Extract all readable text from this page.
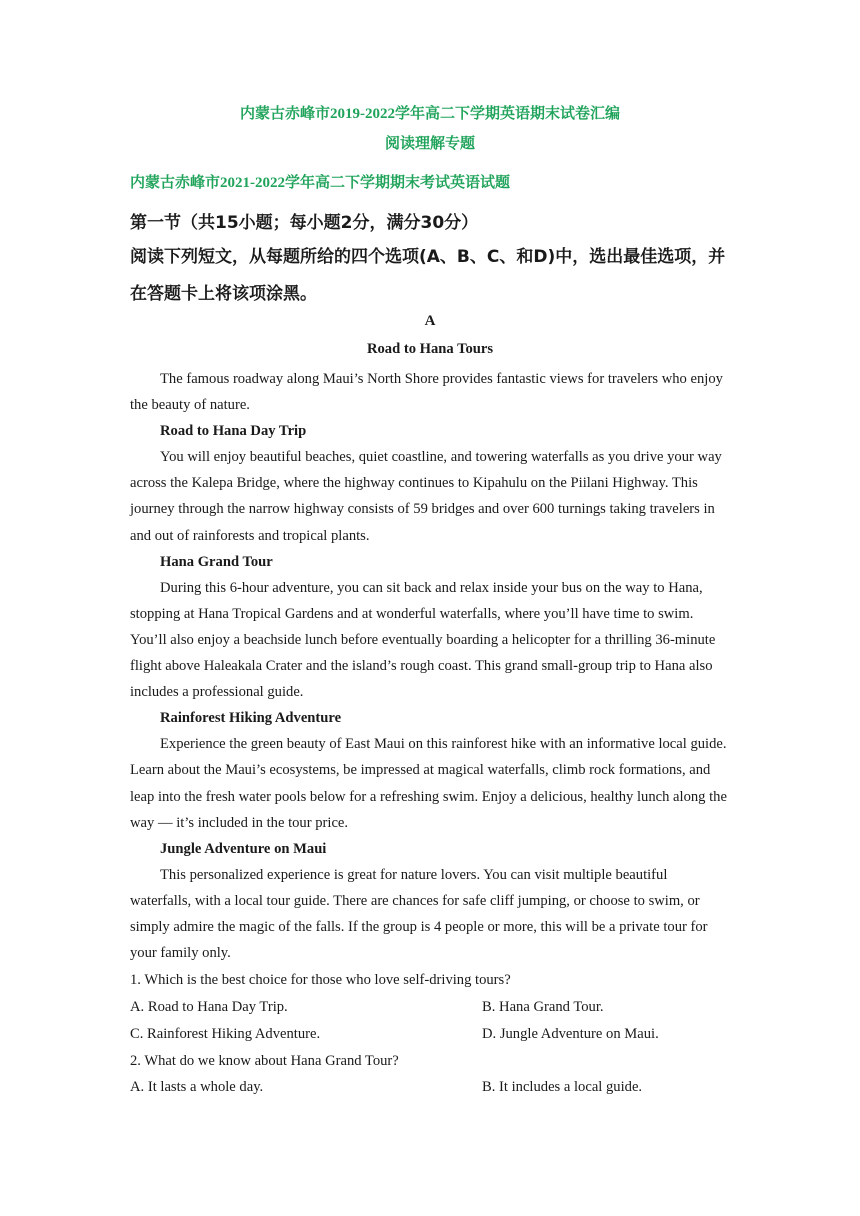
内蒙古赤峰市2019-2022学年高二下学期英语期末试卷汇编
阅读理解专题
内蒙古赤峰市2021-2022学年高二下学期期末考试英语试题
第一节（共15小题；每小题2分，满分30分）
阅读下列短文，从每题所给的四个选项(A、B、C、和D)中，选出最佳选项，并
在答题卡上将该项涂黑。
A
Road to Hana Tours

The famous roadway along Maui’s North Shore provides fantastic views for travelers who enjoy the beauty of nature.

Road to Hana Day Trip

You will enjoy beautiful beaches, quiet coastline, and towering waterfalls as you drive your way across the Kalepa Bridge, where the highway continues to Kipahulu on the Piilani Highway. This journey through the narrow highway consists of 59 bridges and over 600 turnings taking travelers in and out of rainforests and tropical plants.

Hana Grand Tour

During this 6-hour adventure, you can sit back and relax inside your bus on the way to Hana, stopping at Hana Tropical Gardens and at wonderful waterfalls, where you’ll have time to swim. You’ll also enjoy a beachside lunch before eventually boarding a helicopter for a thrilling 36-minute flight above Haleakala Crater and the island’s rough coast. This grand small-group trip to Hana also includes a professional guide.

Rainforest Hiking Adventure

Experience the green beauty of East Maui on this rainforest hike with an informative local guide. Learn about the Maui’s ecosystems, be impressed at magical waterfalls, climb rock formations, and leap into the fresh water pools below for a refreshing swim. Enjoy a delicious, healthy lunch along the way — it’s included in the tour price.

Jungle Adventure on Maui

This personalized experience is great for nature lovers. You can visit multiple beautiful waterfalls, with a local tour guide. There are chances for safe cliff jumping, or choose to swim, or simply admire the magic of the falls. If the group is 4 people or more, this will be a private tour for your family only.

1. Which is the best choice for those who love self-driving tours?
A. Road to Hana Day Trip.	B. Hana Grand Tour.
C. Rainforest Hiking Adventure.	D. Jungle Adventure on Maui.
2. What do we know about Hana Grand Tour?
A. It lasts a whole day.	B. It includes a local guide.
